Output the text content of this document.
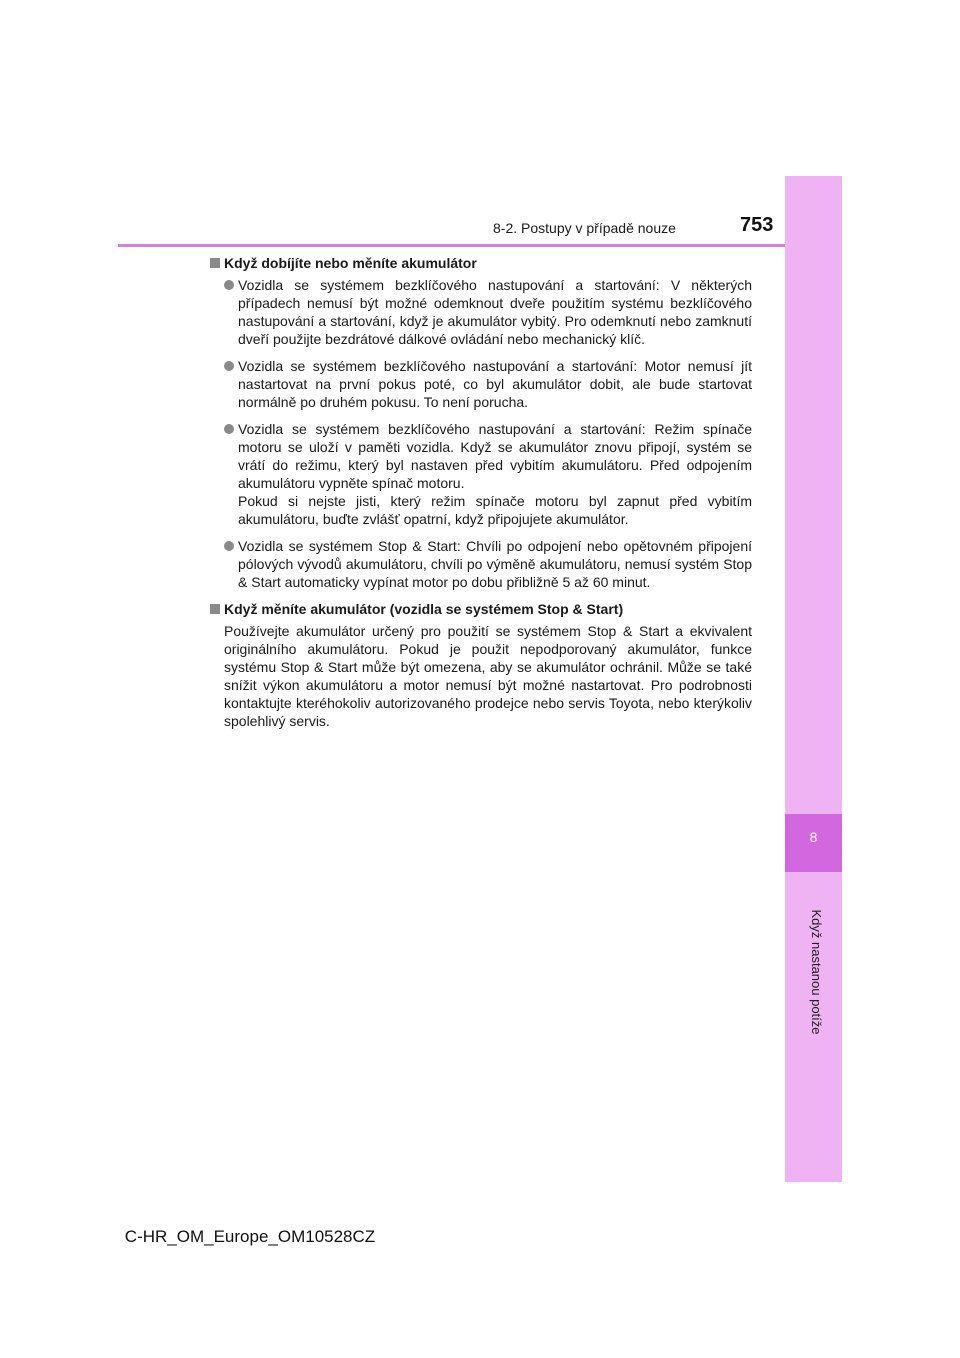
8
Když nastanou potíže
8-2. Postupy v případě nouze	753
Když dobíjíte nebo měníte akumulátor

Vozidla se systémem bezklíčového nastupování a startování: V některých případech nemusí být možné odemknout dveře použitím systému bezklíčového nastupování a startování, když je akumulátor vybitý. Pro odemknutí nebo zamknutí dveří použijte bezdrátové dálkové ovládání nebo mechanický klíč.

Vozidla se systémem bezklíčového nastupování a startování: Motor nemusí jít nastartovat na první pokus poté, co byl akumulátor dobit, ale bude startovat normálně po druhém pokusu. To není porucha.

Vozidla se systémem bezklíčového nastupování a startování: Režim spínače motoru se uloží v paměti vozidla. Když se akumulátor znovu připojí, systém se vrátí do režimu, který byl nastaven před vybitím akumulátoru. Před odpojením akumulátoru vypněte spínač motoru.

Pokud si nejste jisti, který režim spínače motoru byl zapnut před vybitím akumulátoru, buďte zvlášť opatrní, když připojujete akumulátor.

Vozidla se systémem Stop & Start: Chvíli po odpojení nebo opětovném připojení pólových vývodů akumulátoru, chvíli po výměně akumulátoru, nemusí systém Stop & Start automaticky vypínat motor po dobu přibližně 5 až 60 minut.

Když měníte akumulátor (vozidla se systémem Stop & Start)

Používejte akumulátor určený pro použití se systémem Stop & Start a ekvivalent originálního akumulátoru. Pokud je použit nepodporovaný akumulátor, funkce systému Stop & Start může být omezena, aby se akumulátor ochránil. Může se také snížit výkon akumulátoru a motor nemusí být možné nastartovat. Pro podrobnosti kontaktujte kteréhokoliv autorizovaného prodejce nebo servis Toyota, nebo kterýkoliv spolehlivý servis.

C-HR_OM_Europe_OM10528CZ
